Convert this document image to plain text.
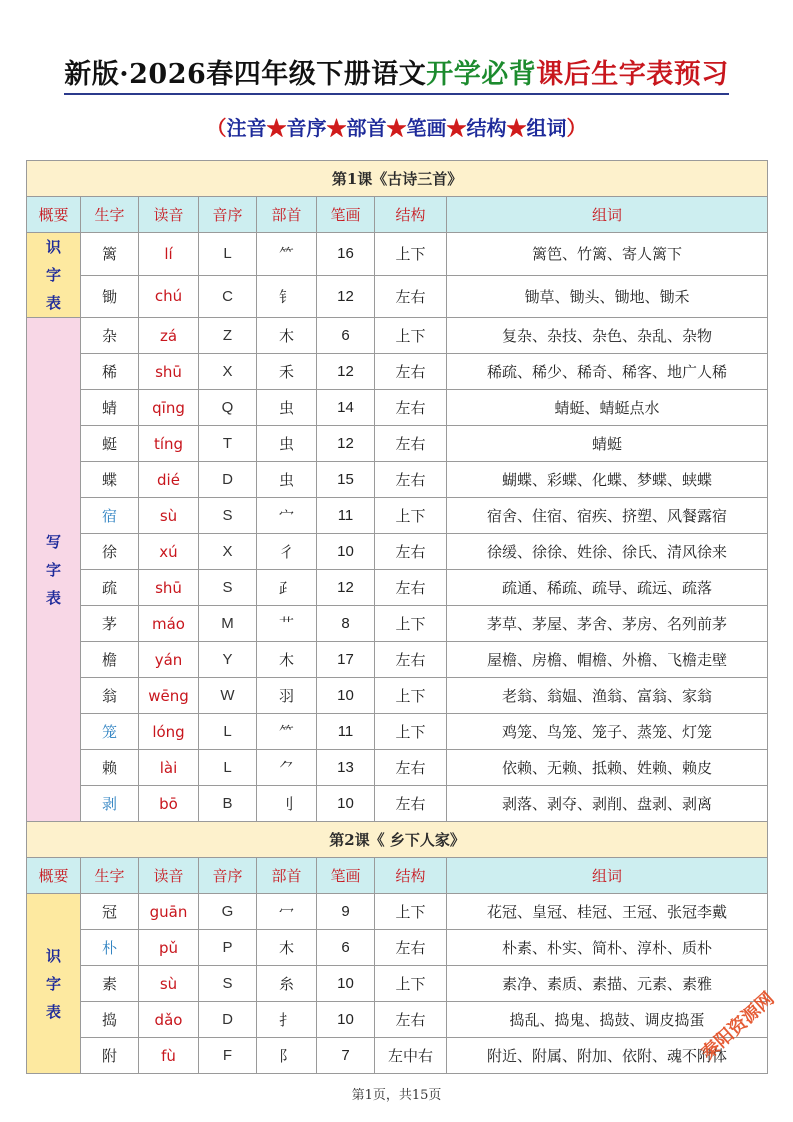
新版·2026春四年级下册语文开学必背课后生字表预习
（注音★音序★部首★笔画★结构★组词）
第1课《古诗三首》							
概要	生字	读音	音序	部首	笔画	结构	组词

识
字
表	篱	lí	L	⺮	16	上下	篱笆、竹篱、寄人篱下
	锄	chú	C	钅	12	左右	锄草、锄头、锄地、锄禾

写
字
表	杂	zá	Z	木	6	上下	复杂、杂技、杂色、杂乱、杂物
	稀	shū	X	禾	12	左右	稀疏、稀少、稀奇、稀客、地广人稀
	蜻	qīng	Q	虫	14	左右	蜻蜓、蜻蜓点水
	蜓	tíng	T	虫	12	左右	蜻蜓
	蝶	dié	D	虫	15	左右	蝴蝶、彩蝶、化蝶、梦蝶、蛱蝶
	宿	sù	S	宀	11	上下	宿舍、住宿、宿疾、挤塑、风餐露宿
	徐	xú	X	彳	10	左右	徐缓、徐徐、姓徐、徐氏、清风徐来
	疏	shū	S	⺪	12	左右	疏通、稀疏、疏导、疏远、疏落
	茅	máo	M	艹	8	上下	茅草、茅屋、茅舍、茅房、名列前茅
	檐	yán	Y	木	17	左右	屋檐、房檐、帽檐、外檐、飞檐走壁
	翁	wēng	W	羽	10	上下	老翁、翁媪、渔翁、富翁、家翁
	笼	lóng	L	⺮	11	上下	鸡笼、鸟笼、笼子、蒸笼、灯笼
	赖	lài	L	⺈	13	左右	依赖、无赖、抵赖、姓赖、赖皮
	剥	bō	B	刂	10	左右	剥落、剥夺、剥削、盘剥、剥离
第2课《 乡下人家》							
概要	生字	读音	音序	部首	笔画	结构	组词

识
字
表	冠	guān	G	冖	9	上下	花冠、皇冠、桂冠、王冠、张冠李戴
	朴	pǔ	P	木	6	左右	朴素、朴实、简朴、淳朴、质朴
	素	sù	S	糸	10	上下	素净、素质、素描、元素、素雅
	捣	dǎo	D	扌	10	左右	捣乱、捣鬼、捣鼓、调皮捣蛋
	附	fù	F	阝	7	左中右	附近、附属、附加、依附、魂不附体
秦阳资源网
第1页，共15页
